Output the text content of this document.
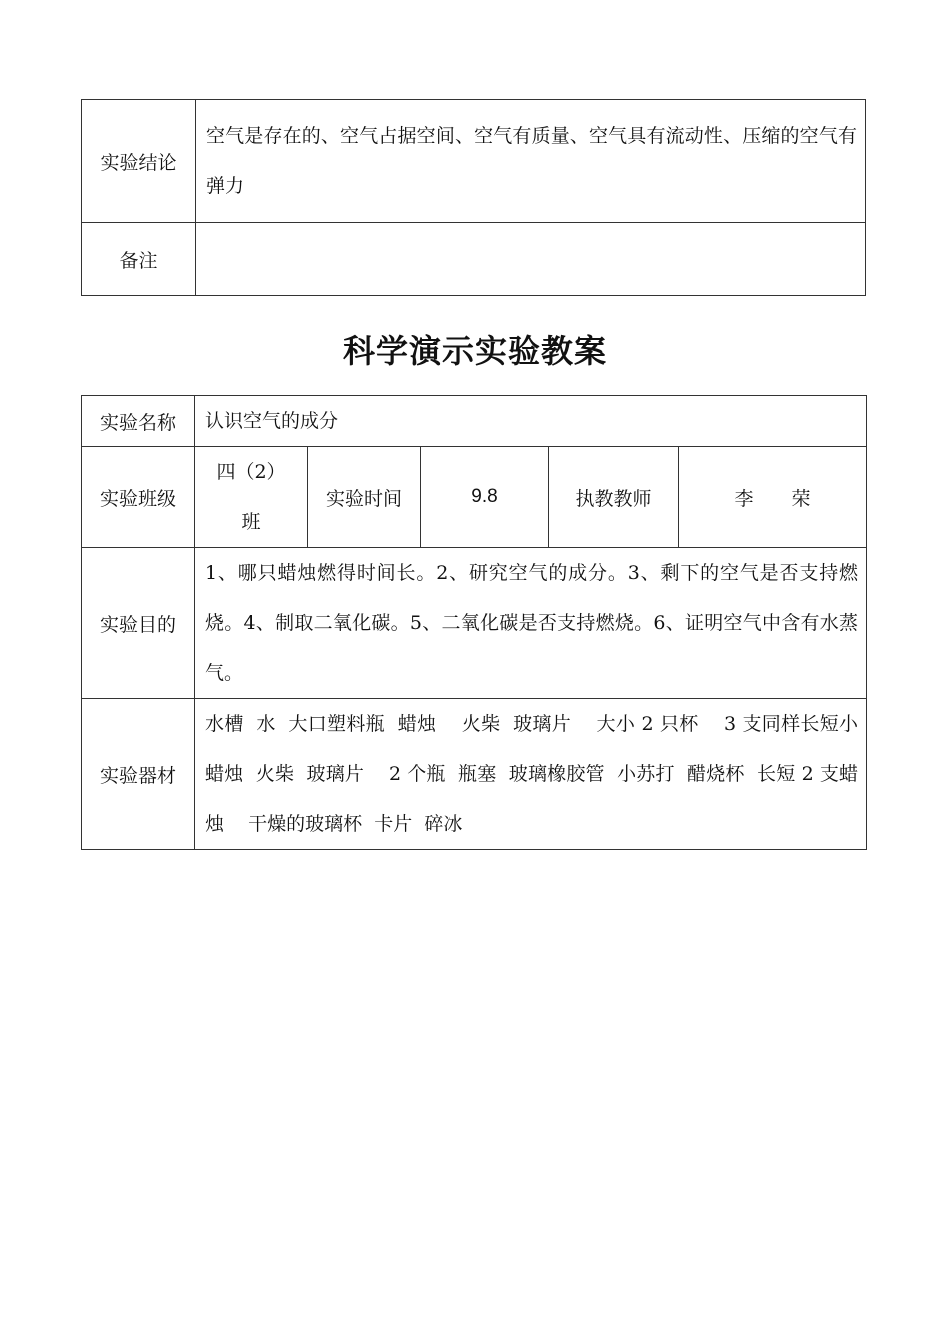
实验结论	空气是存在的、空气占据空间、空气有质量、空气具有流动性、压缩的空气有弹力
备注	
科学演示实验教案
实验名称	认识空气的成分				
实验班级	四（2）班	实验时间	9.8	执教教师	李　　荣
实验目的	1、哪只蜡烛燃得时间长。2、研究空气的成分。3、剩下的空气是否支持燃烧。4、制取二氧化碳。5、二氧化碳是否支持燃烧。6、证明空气中含有水蒸气。				
实验器材	水槽  水  大口塑料瓶  蜡烛    火柴  玻璃片    大小 2 只杯    3 支同样长短小蜡烛  火柴  玻璃片    2 个瓶  瓶塞  玻璃橡胶管  小苏打  醋烧杯  长短 2 支蜡烛    干燥的玻璃杯  卡片  碎冰				
